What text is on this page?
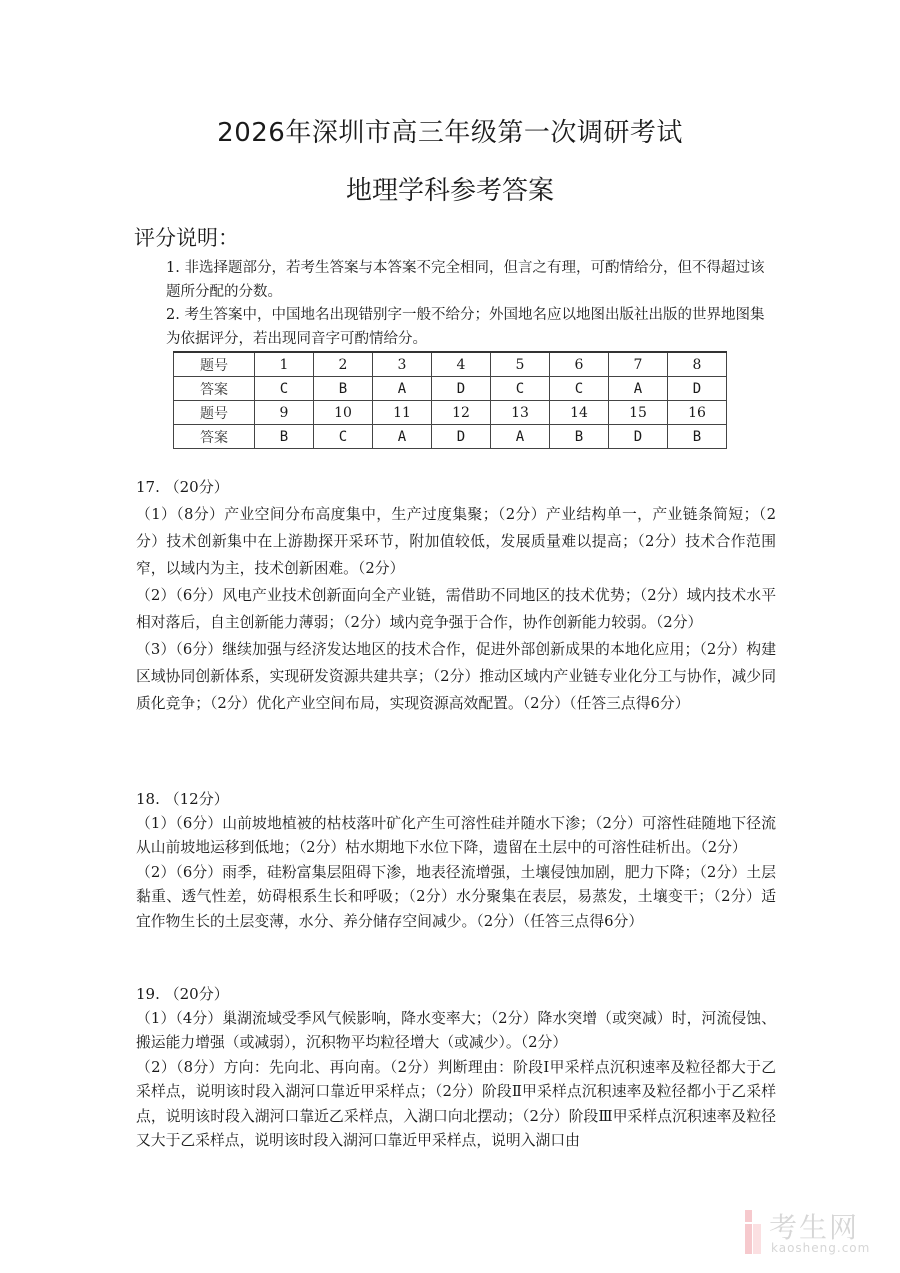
2026年深圳市高三年级第一次调研考试
地理学科参考答案
评分说明：
1. 非选择题部分，若考生答案与本答案不完全相同，但言之有理，可酌情给分，但不得超过该题所分配的分数。
2. 考生答案中，中国地名出现错别字一般不给分；外国地名应以地图出版社出版的世界地图集为依据评分，若出现同音字可酌情给分。
题号	1	2	3	4	5	6	7	8
答案	C	B	A	D	C	C	A	D
题号	9	10	11	12	13	14	15	16
答案	B	C	A	D	A	B	D	B

17. （20分）

（1）（8分）产业空间分布高度集中，生产过度集聚；（2分）产业结构单一，产业链条简短；（2分）技术创新集中在上游勘探开采环节，附加值较低，发展质量难以提高；（2分）技术合作范围窄，以域内为主，技术创新困难。（2分）

（2）（6分）风电产业技术创新面向全产业链，需借助不同地区的技术优势；（2分）域内技术水平相对落后，自主创新能力薄弱；（2分）域内竞争强于合作，协作创新能力较弱。（2分）

（3）（6分）继续加强与经济发达地区的技术合作，促进外部创新成果的本地化应用；（2分）构建区域协同创新体系，实现研发资源共建共享；（2分）推动区域内产业链专业化分工与协作，减少同质化竞争；（2分）优化产业空间布局，实现资源高效配置。（2分）（任答三点得6分）

18. （12分）

（1）（6分）山前坡地植被的枯枝落叶矿化产生可溶性硅并随水下渗；（2分）可溶性硅随地下径流从山前坡地运移到低地；（2分）枯水期地下水位下降，遗留在土层中的可溶性硅析出。（2分）

（2）（6分）雨季，硅粉富集层阻碍下渗，地表径流增强，土壤侵蚀加剧，肥力下降；（2分）土层黏重、透气性差，妨碍根系生长和呼吸；（2分）水分聚集在表层，易蒸发，土壤变干；（2分）适宜作物生长的土层变薄，水分、养分储存空间减少。（2分）（任答三点得6分）

19. （20分）

（1）（4分）巢湖流域受季风气候影响，降水变率大；（2分）降水突增（或突减）时，河流侵蚀、搬运能力增强（或减弱），沉积物平均粒径增大（或减少）。（2分）

（2）（8分）方向：先向北、再向南。（2分）判断理由：阶段Ⅰ甲采样点沉积速率及粒径都大于乙采样点，说明该时段入湖河口靠近甲采样点；（2分）阶段Ⅱ甲采样点沉积速率及粒径都小于乙采样点，说明该时段入湖河口靠近乙采样点，入湖口向北摆动；（2分）阶段Ⅲ甲采样点沉积速率及粒径又大于乙采样点，说明该时段入湖河口靠近甲采样点，说明入湖口由

考生网
kaosheng.com
